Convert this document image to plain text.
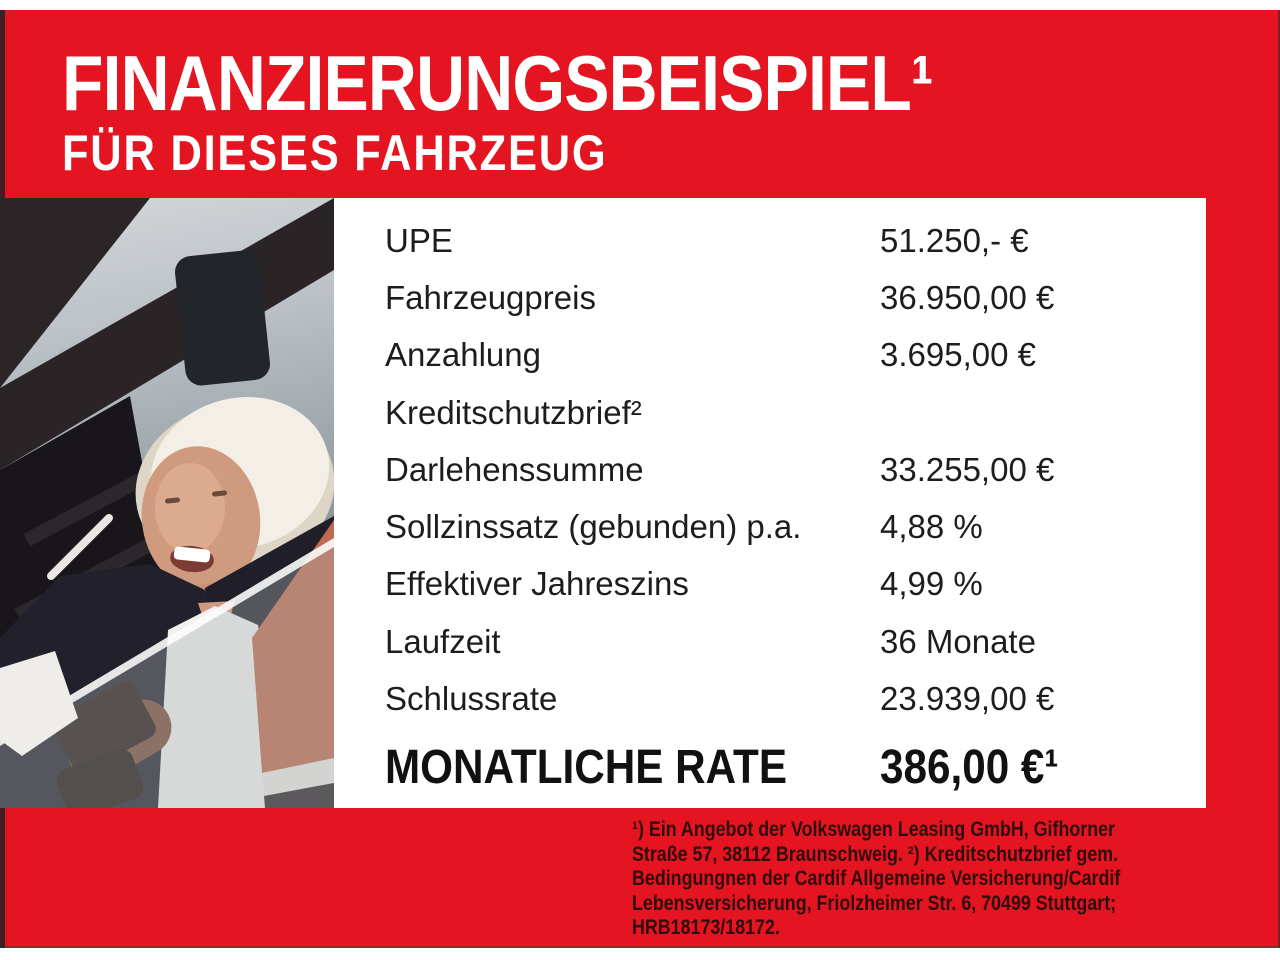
FINANZIERUNGSBEISPIEL¹
FÜR DIESES FAHRZEUG
UPE	51.250,- €
Fahrzeugpreis	36.950,00 €
Anzahlung	3.695,00 €
Kreditschutzbrief²
Darlehenssumme	33.255,00 €
Sollzinssatz (gebunden) p.a. 4,88 %
Effektiver Jahreszins	4,99 %
Laufzeit	36 Monate
Schlussrate	23.939,00 €
MONATLICHE RATE 386,00 €¹
¹) Ein Angebot der Volkswagen Leasing GmbH, Gifhorner
Straße 57, 38112 Braunschweig. ²) Kreditschutzbrief gem.
Bedingungnen der Cardif Allgemeine Versicherung/Cardif
Lebensversicherung, Friolzheimer Str. 6, 70499 Stuttgart;
HRB18173/18172.
